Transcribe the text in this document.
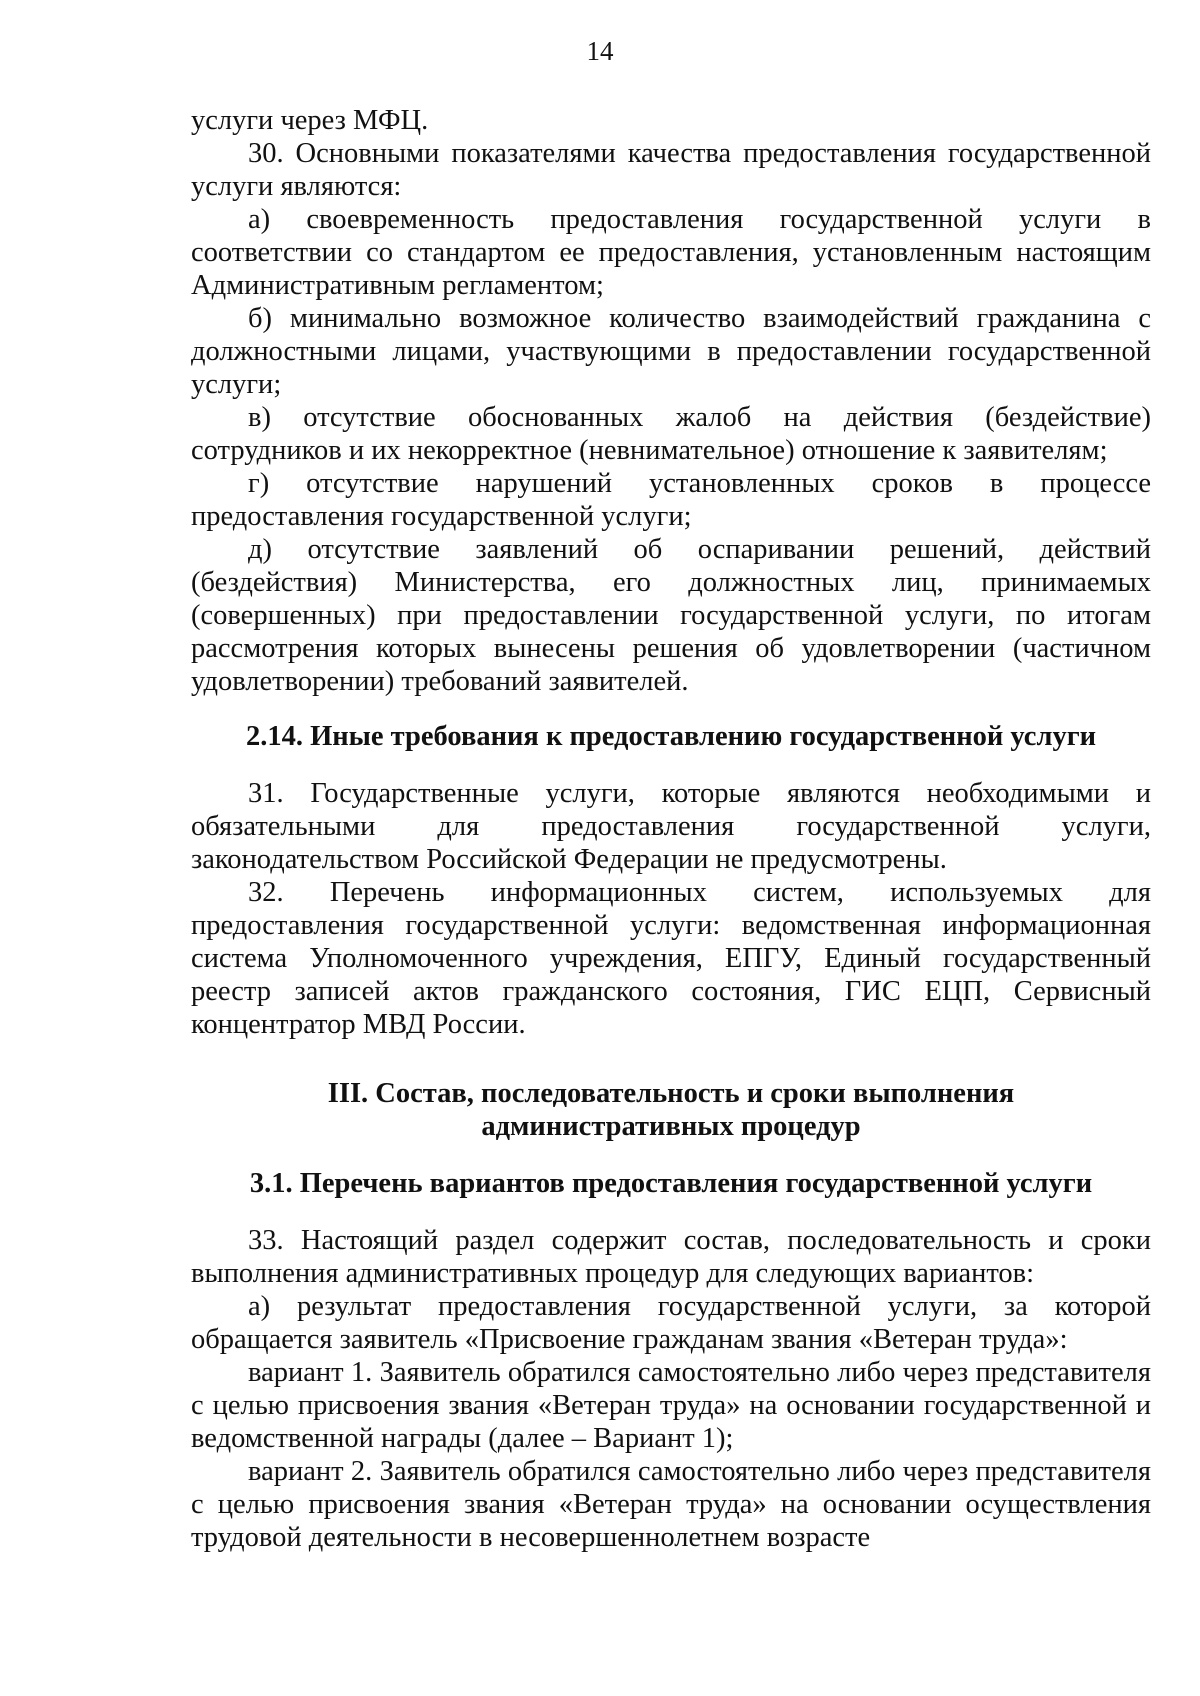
14

услуги через МФЦ.

30. Основными показателями качества предоставления государственной услуги являются:

а) своевременность предоставления государственной услуги в соответствии со стандартом ее предоставления, установленным настоящим Административным регламентом;

б) минимально возможное количество взаимодействий гражданина с должностными лицами, участвующими в предоставлении государственной услуги;

в) отсутствие обоснованных жалоб на действия (бездействие) сотрудников и их некорректное (невнимательное) отношение к заявителям;

г) отсутствие нарушений установленных сроков в процессе предоставления государственной услуги;

д) отсутствие заявлений об оспаривании решений, действий (бездействия) Министерства, его должностных лиц, принимаемых (совершенных) при предоставлении государственной услуги, по итогам рассмотрения которых вынесены решения об удовлетворении (частичном удовлетворении) требований заявителей.

2.14. Иные требования к предоставлению государственной услуги

31. Государственные услуги, которые являются необходимыми и обязательными для предоставления государственной услуги, законодательством Российской Федерации не предусмотрены.

32. Перечень информационных систем, используемых для предоставления государственной услуги: ведомственная информационная система Уполномоченного учреждения, ЕПГУ, Единый государственный реестр записей актов гражданского состояния, ГИС ЕЦП, Сервисный концентратор МВД России.

III. Состав, последовательность и сроки выполнения
административных процедур
3.1. Перечень вариантов предоставления государственной услуги

33. Настоящий раздел содержит состав, последовательность и сроки выполнения административных процедур для следующих вариантов:

а) результат предоставления государственной услуги, за которой обращается заявитель «Присвоение гражданам звания «Ветеран труда»:

вариант 1. Заявитель обратился самостоятельно либо через представителя с целью присвоения звания «Ветеран труда» на основании государственной и ведомственной награды (далее – Вариант 1);

вариант 2. Заявитель обратился самостоятельно либо через представителя с целью присвоения звания «Ветеран труда» на основании осуществления трудовой деятельности в несовершеннолетнем возрасте
